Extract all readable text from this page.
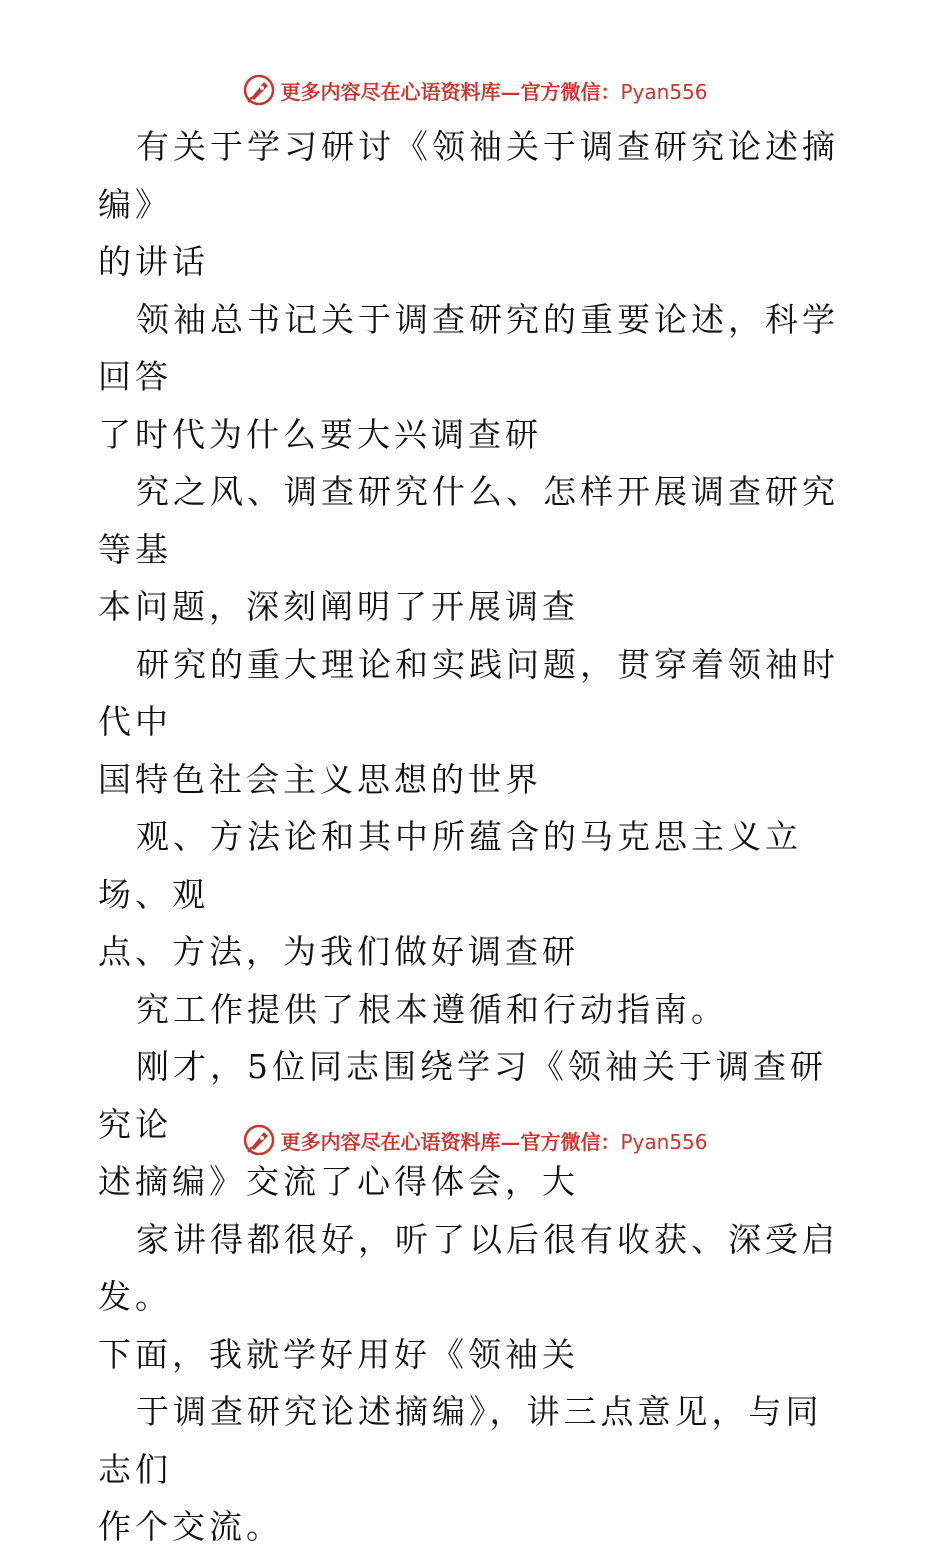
更多内容尽在心语资料库—官方微信：Pyan556

有关于学习研讨《领袖关于调查研究论述摘编》

的讲话

领袖总书记关于调查研究的重要论述，科学回答

了时代为什么要大兴调查研

究之风、调查研究什么、怎样开展调查研究等基

本问题，深刻阐明了开展调查

研究的重大理论和实践问题，贯穿着领袖时代中

国特色社会主义思想的世界

观、方法论和其中所蕴含的马克思主义立场、观

点、方法，为我们做好调查研

究工作提供了根本遵循和行动指南。

刚才，5位同志围绕学习《领袖关于调查研究论

述摘编》交流了心得体会，大

家讲得都很好，听了以后很有收获、深受启发。

下面，我就学好用好《领袖关

于调查研究论述摘编》，讲三点意见，与同志们

作个交流。

更多内容尽在心语资料库—官方微信：Pyan556
